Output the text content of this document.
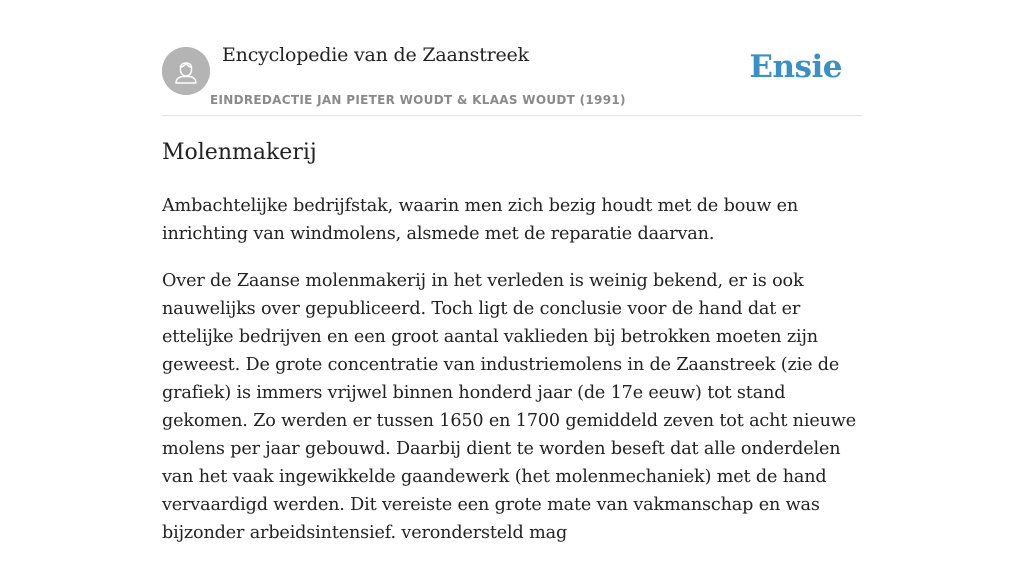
Encyclopedie van de Zaanstreek
EINDREDACTIE JAN PIETER WOUDT & KLAAS WOUDT (1991)
Ensie
Molenmakerij

Ambachtelijke bedrijfstak, waarin men zich bezig houdt met de bouw en inrichting van windmolens, alsmede met de reparatie daarvan.

Over de Zaanse molenmakerij in het verleden is weinig bekend, er is ook nauwelijks over gepubliceerd. Toch ligt de conclusie voor de hand dat er ettelijke bedrijven en een groot aantal vaklieden bij betrokken moeten zijn geweest. De grote concentratie van industriemolens in de Zaanstreek (zie de grafiek) is immers vrijwel binnen honderd jaar (de 17e eeuw) tot stand gekomen. Zo werden er tussen 1650 en 1700 gemiddeld zeven tot acht nieuwe molens per jaar gebouwd. Daarbij dient te worden beseft dat alle onderdelen van het vaak ingewikkelde gaandewerk (het molenmechaniek) met de hand vervaardigd werden. Dit vereiste een grote mate van vakmanschap en was bijzonder arbeidsintensief. verondersteld mag
